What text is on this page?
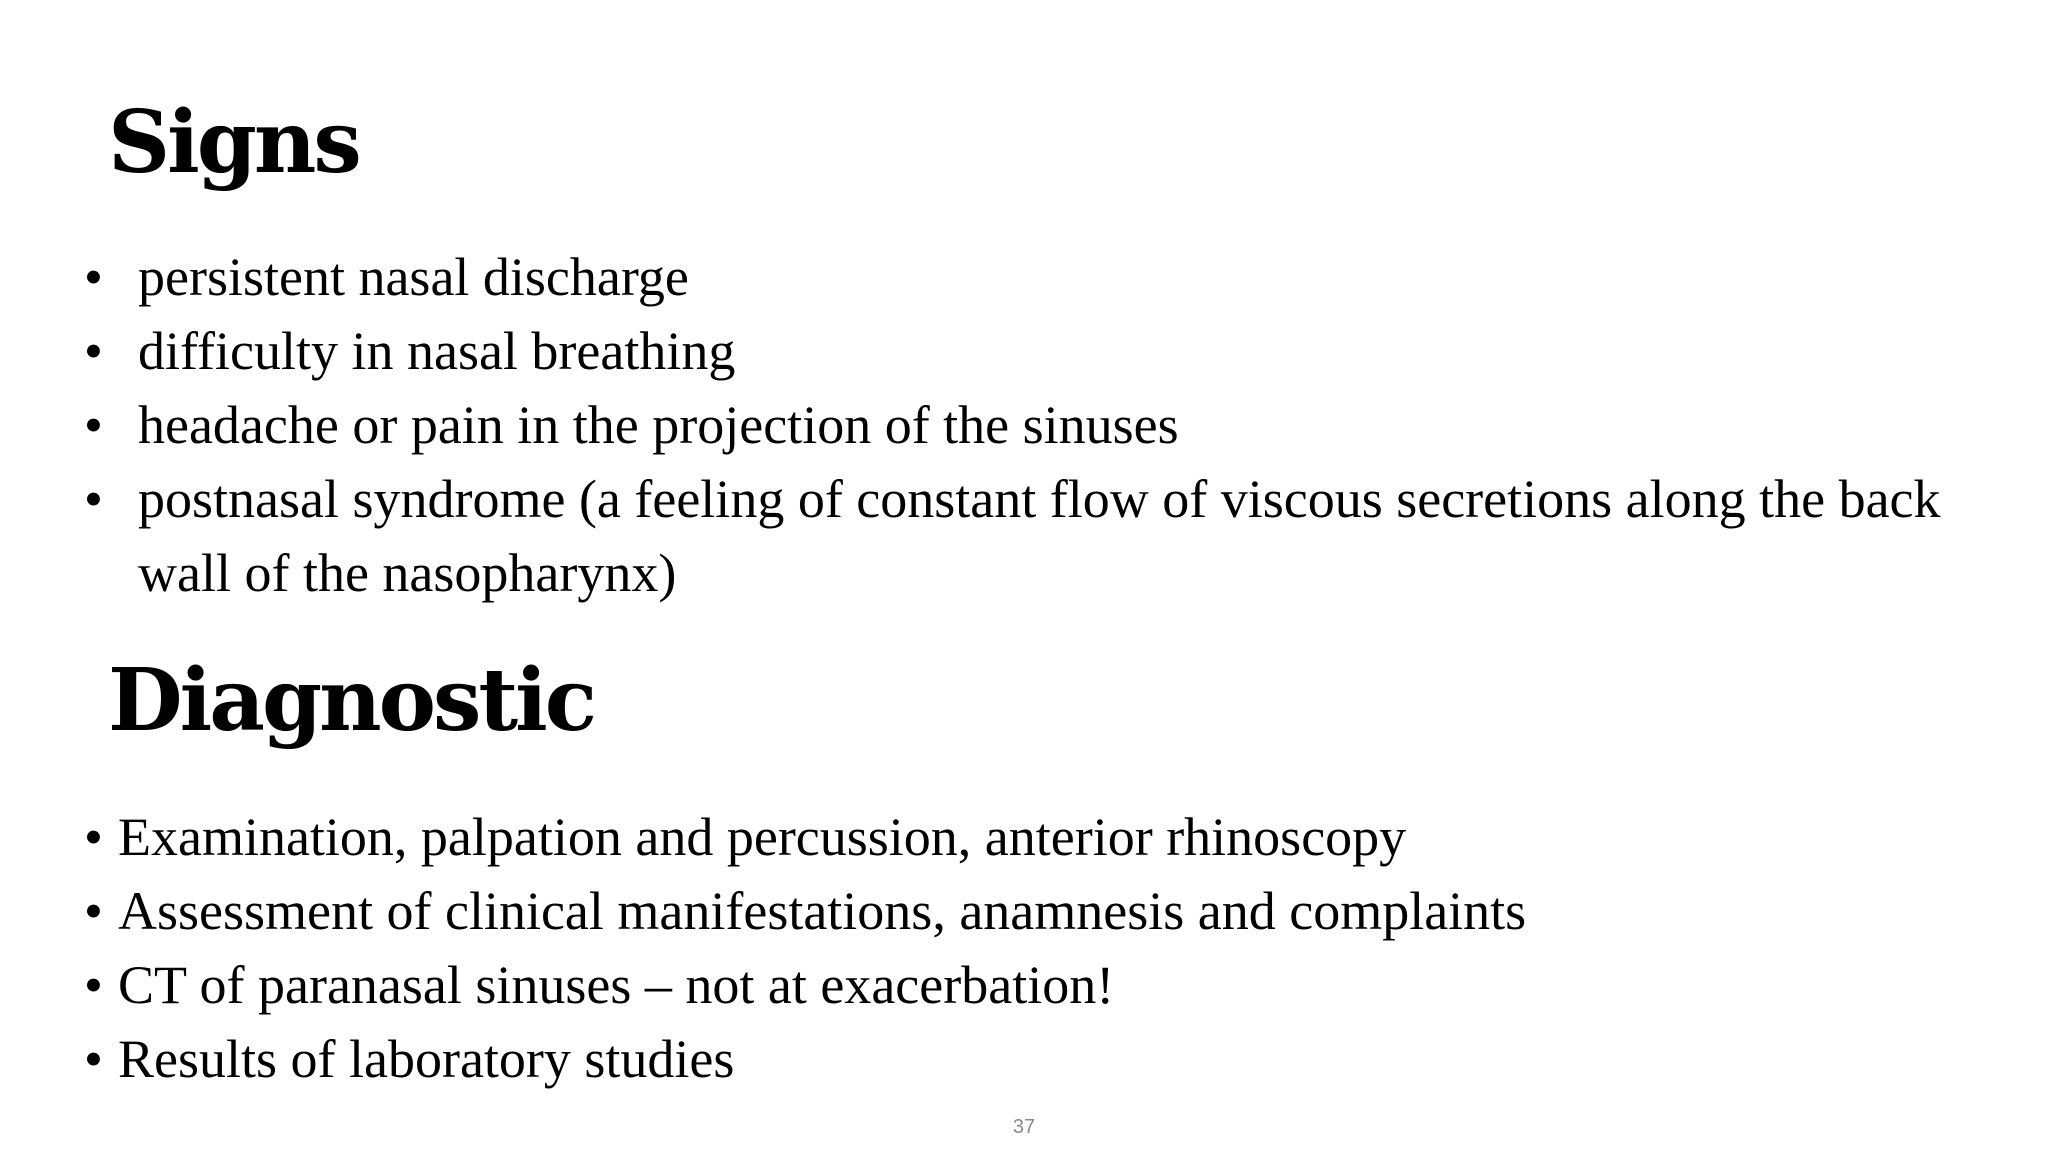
Signs
• persistent nasal discharge
• difficulty in nasal breathing
• headache or pain in the projection of the sinuses
• postnasal syndrome (a feeling of constant flow of viscous secretions along the back wall of the nasopharynx)
Diagnostic
• Examination, palpation and percussion, anterior rhinoscopy
• Assessment of clinical manifestations, anamnesis and complaints
• CT of paranasal sinuses – not at exacerbation!
• Results of laboratory studies
37
